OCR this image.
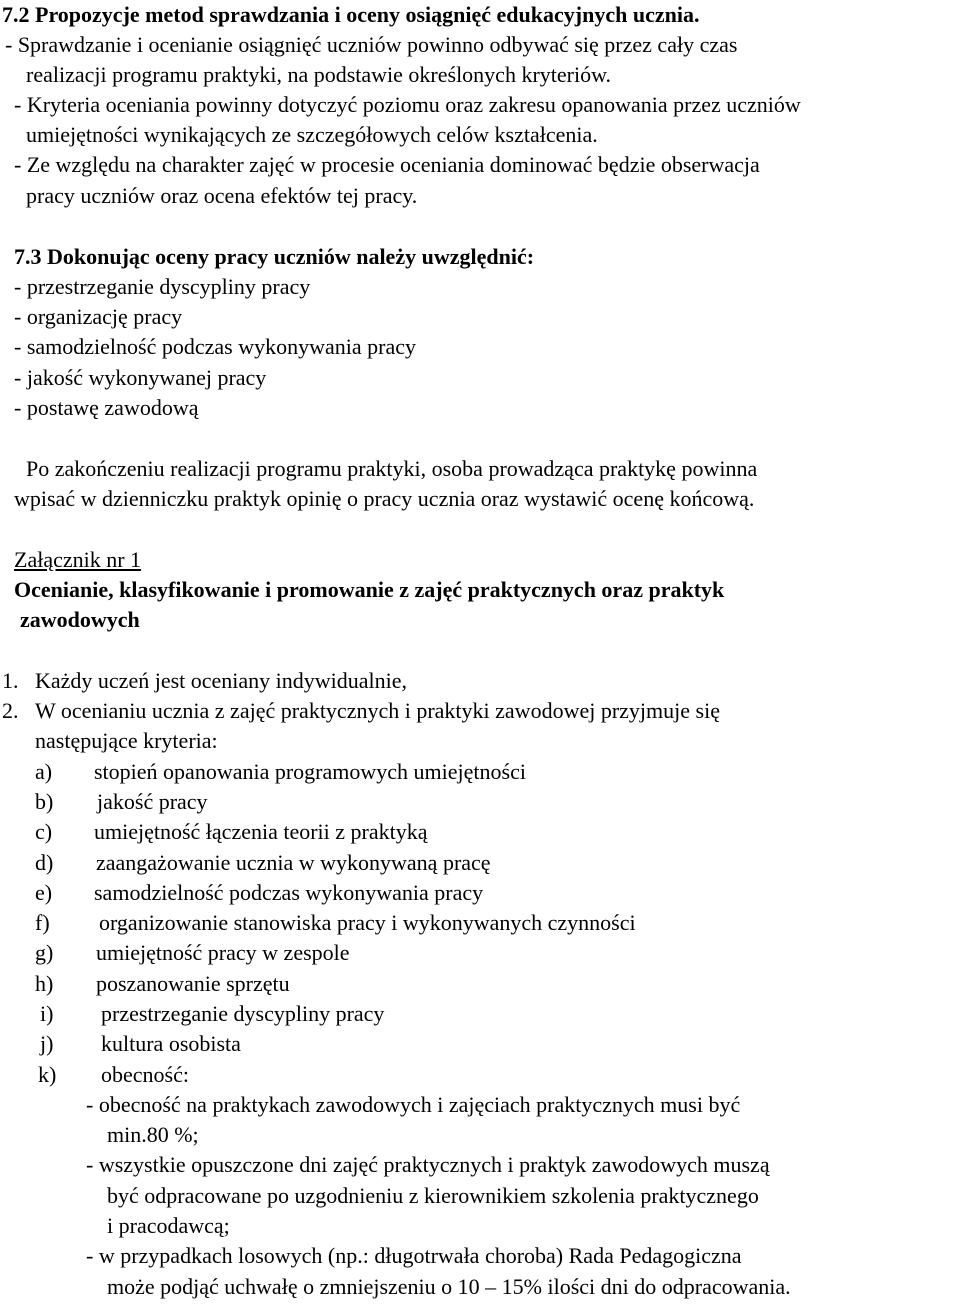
7.2 Propozycje metod sprawdzania i oceny osiągnięć edukacyjnych ucznia.
- Sprawdzanie i ocenianie osiągnięć uczniów powinno odbywać się przez cały czas
realizacji programu praktyki, na podstawie określonych kryteriów.
- Kryteria oceniania powinny dotyczyć poziomu oraz zakresu opanowania przez uczniów
umiejętności wynikających ze szczegółowych celów kształcenia.
- Ze względu na charakter zajęć w procesie oceniania dominować będzie obserwacja
pracy uczniów oraz ocena efektów tej pracy.
7.3 Dokonując oceny pracy uczniów należy uwzględnić:
- przestrzeganie dyscypliny pracy
- organizację pracy
- samodzielność podczas wykonywania pracy
- jakość wykonywanej pracy
- postawę zawodową
Po zakończeniu realizacji programu praktyki, osoba prowadząca praktykę powinna
wpisać w dzienniczku praktyk opinię o pracy ucznia oraz wystawić ocenę końcową.
Załącznik nr 1
Ocenianie, klasyfikowanie i promowanie z zajęć praktycznych oraz praktyk
zawodowych
1. Każdy uczeń jest oceniany indywidualnie,
2. W ocenianiu ucznia z zajęć praktycznych i praktyki zawodowej przyjmuje się
następujące kryteria:
a) stopień opanowania programowych umiejętności
b) jakość pracy
c) umiejętność łączenia teorii z praktyką
d) zaangażowanie ucznia w wykonywaną pracę
e) samodzielność podczas wykonywania pracy
f) organizowanie stanowiska pracy i wykonywanych czynności
g) umiejętność pracy w zespole
h) poszanowanie sprzętu
i) przestrzeganie dyscypliny pracy
j) kultura osobista
k) obecność:
- obecność na praktykach zawodowych i zajęciach praktycznych musi być
min.80 %;
- wszystkie opuszczone dni zajęć praktycznych i praktyk zawodowych muszą
być odpracowane po uzgodnieniu z kierownikiem szkolenia praktycznego
i pracodawcą;
- w przypadkach losowych (np.: długotrwała choroba) Rada Pedagogiczna
może podjąć uchwałę o zmniejszeniu o 10 – 15% ilości dni do odpracowania.
